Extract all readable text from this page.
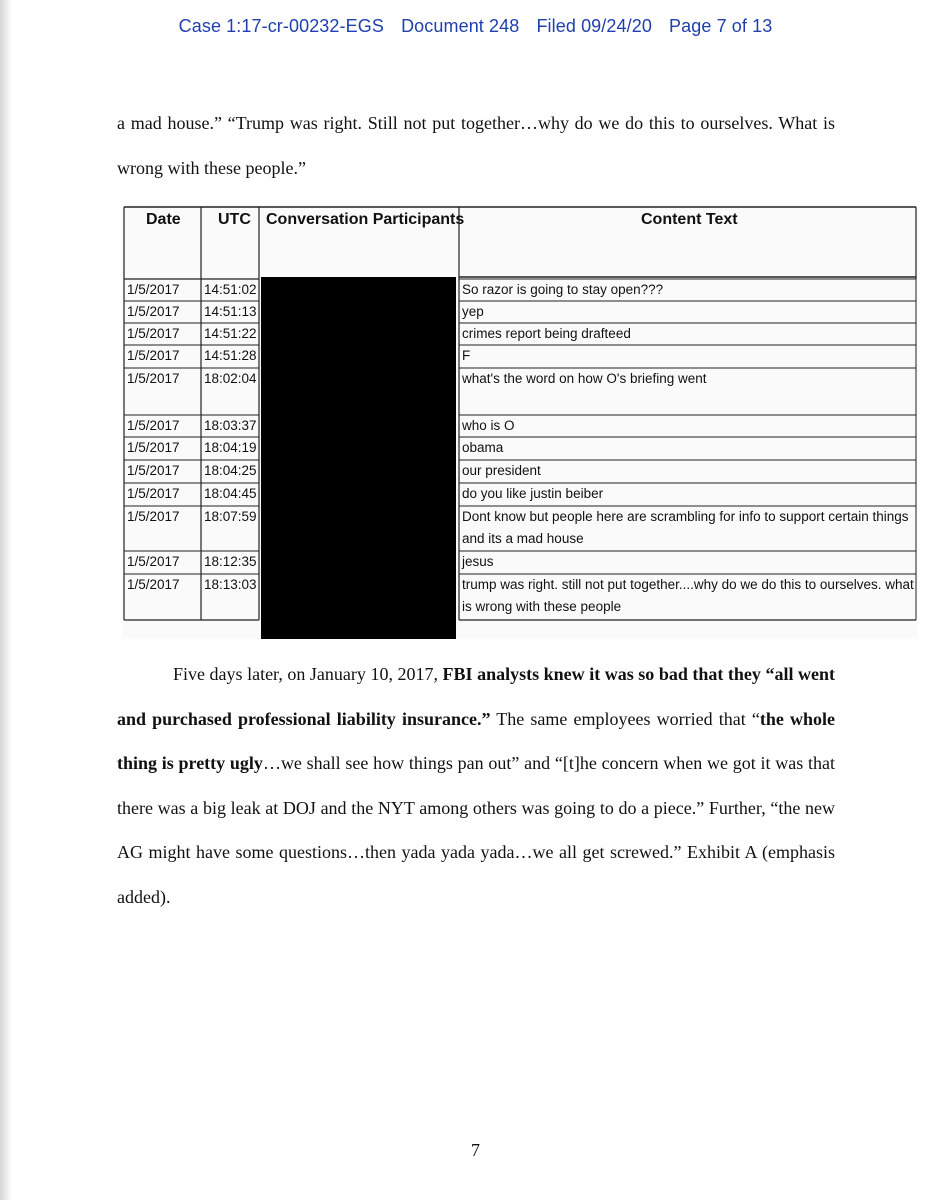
Case 1:17-cr-00232-EGS Document 248 Filed 09/24/20 Page 7 of 13
a mad house.” “Trump was right. Still not put together…why do we do this to ourselves. What is wrong with these people.”
Date UTC Conversation Participants	Content Text
1/5/2017 14:51:02	So razor is going to stay open???
1/5/2017 14:51:13	yep
1/5/2017 14:51:22	crimes report being drafteed
1/5/2017 14:51:28	F
1/5/2017 18:02:04	what's the word on how O's briefing went
1/5/2017 18:03:37	who is O
1/5/2017 18:04:19	obama
1/5/2017 18:04:25	our president
1/5/2017 18:04:45	do you like justin beiber
1/5/2017 18:07:59	Dont know but people here are scrambling for info to support certain things
and its a mad house
1/5/2017 18:12:35	jesus
1/5/2017 18:13:03	trump was right. still not put together....why do we do this to ourselves. what
is wrong with these people
Five days later, on January 10, 2017, FBI analysts knew it was so bad that they “all went and purchased professional liability insurance.” The same employees worried that “the whole thing is pretty ugly…we shall see how things pan out” and “[t]he concern when we got it was that there was a big leak at DOJ and the NYT among others was going to do a piece.” Further, “the new AG might have some questions…then yada yada yada…we all get screwed.” Exhibit A (emphasis added).
7
